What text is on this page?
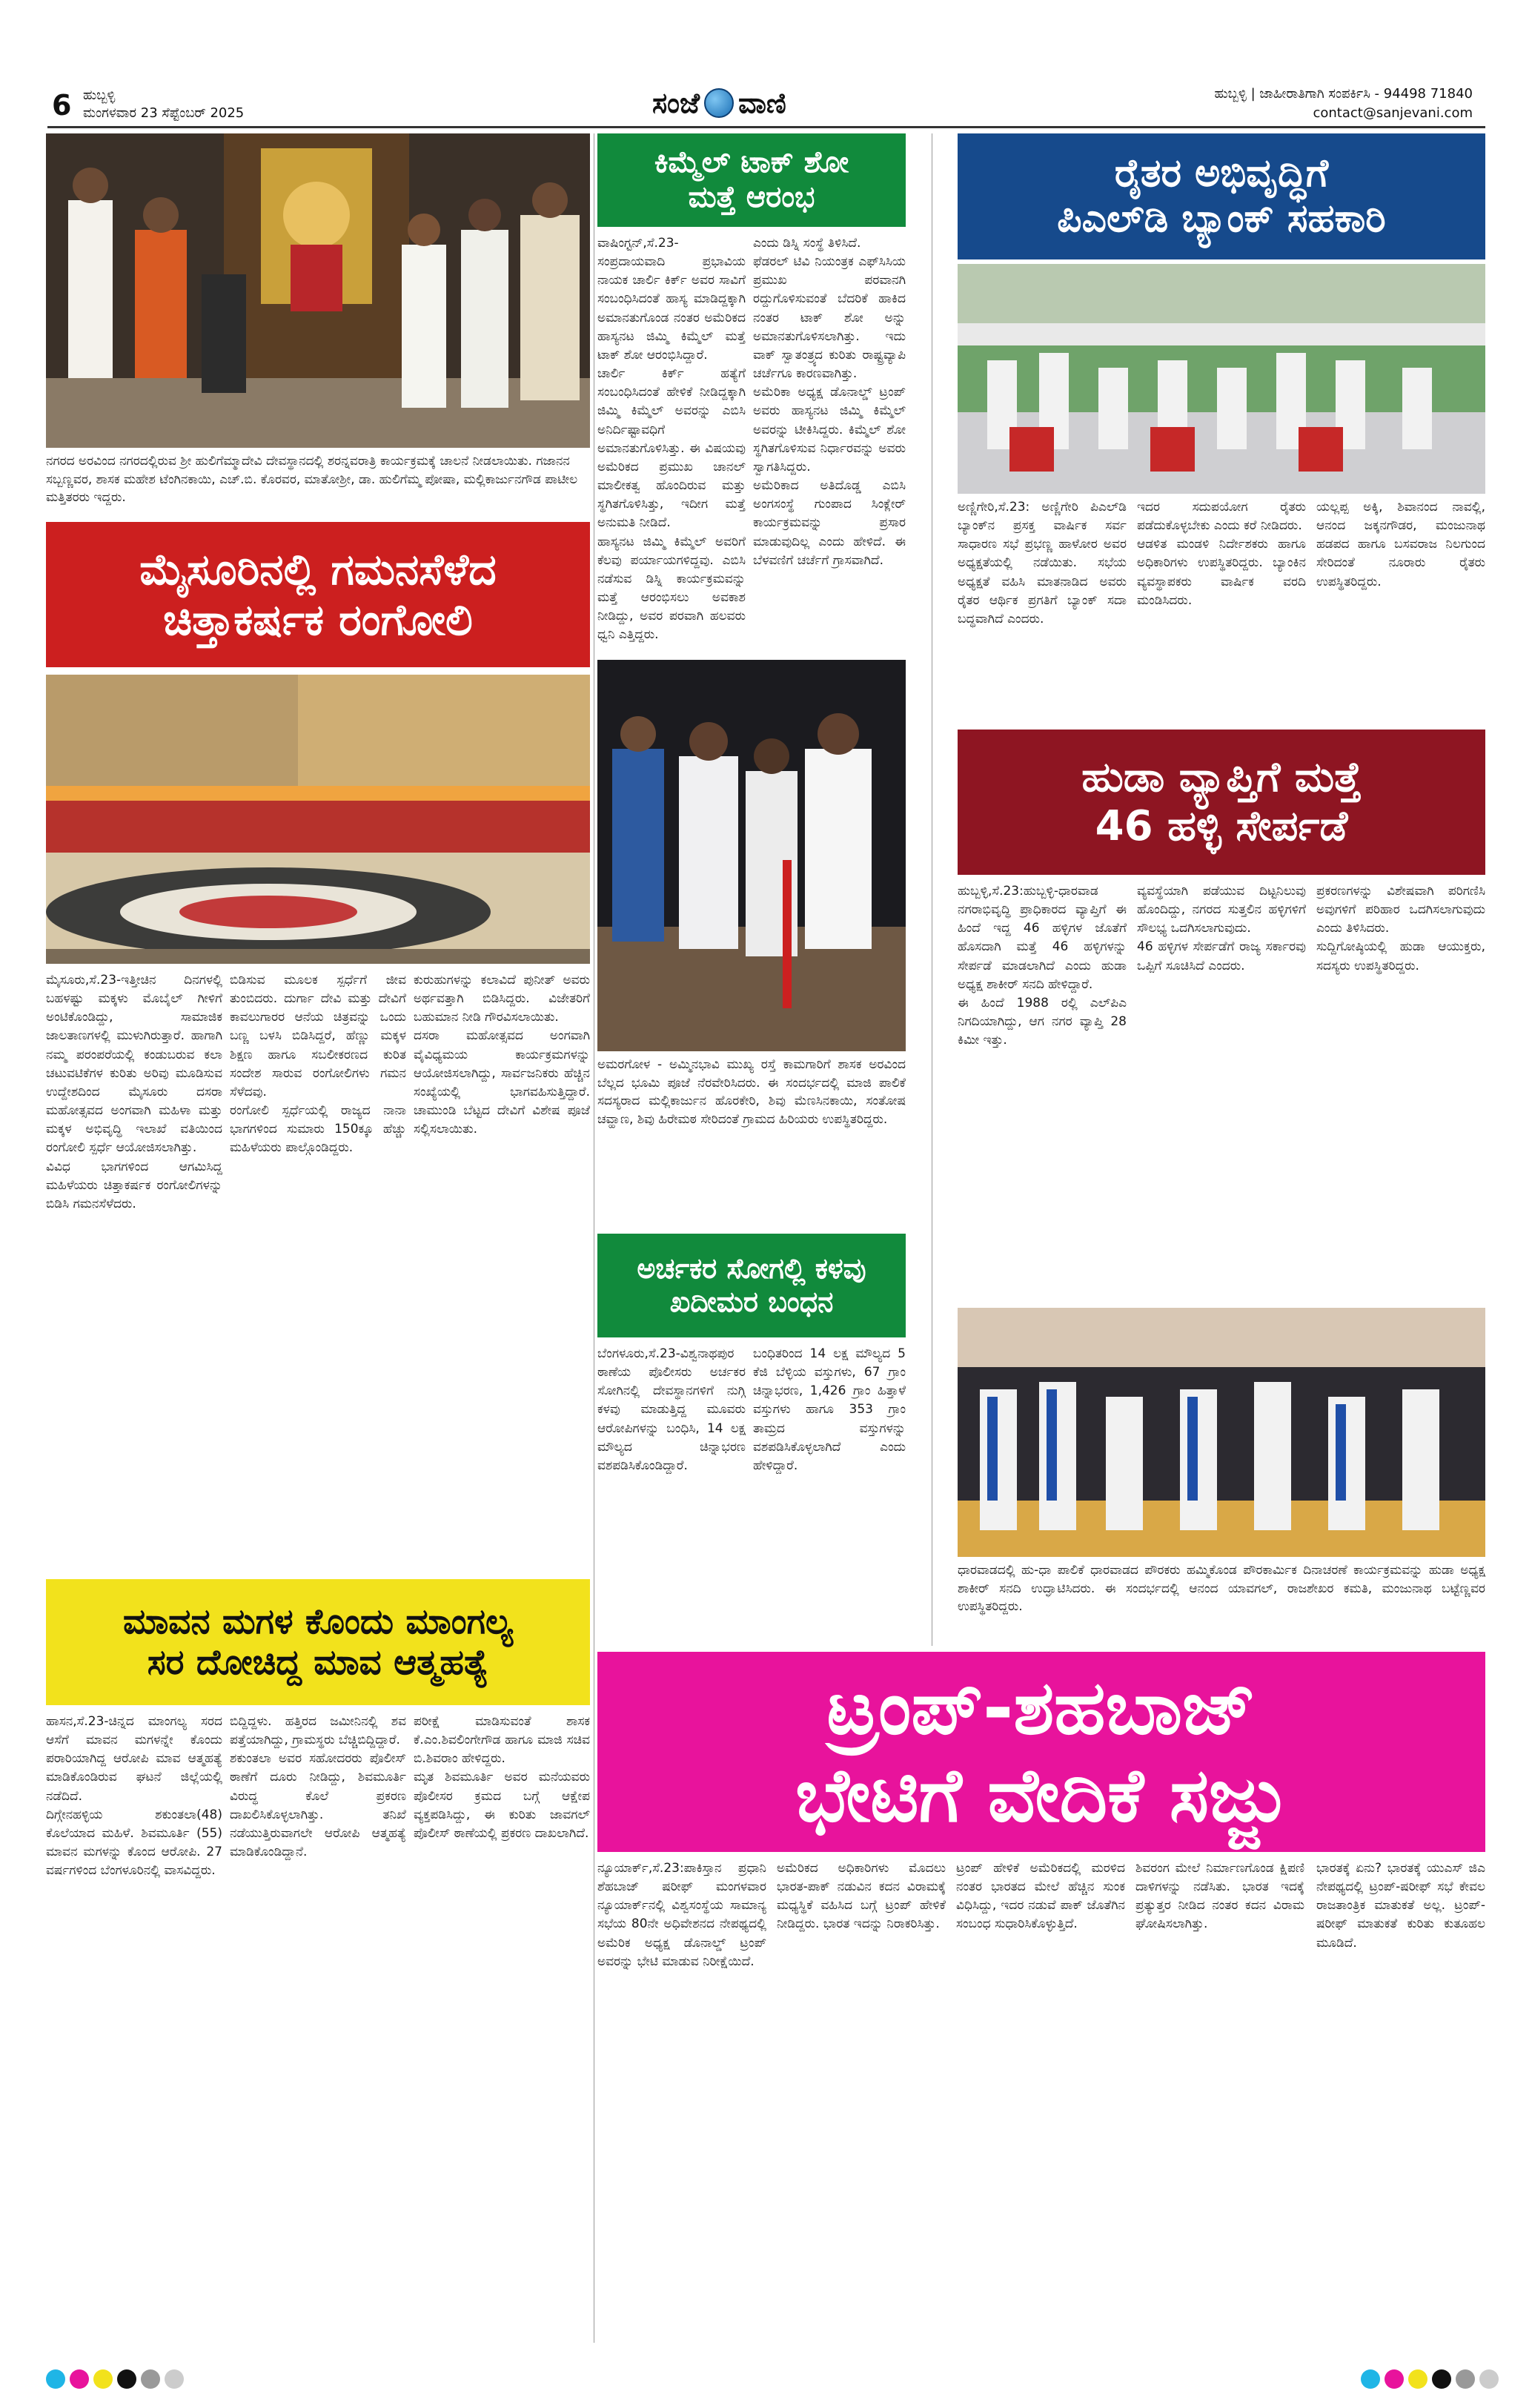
6 ಹುಬ್ಬಳ್ಳಿ
ಮಂಗಳವಾರ 23 ಸೆಪ್ಟೆಂಬರ್ 2025	ಸಂಜೆ ವಾಣಿ	ಹುಬ್ಬಳ್ಳಿ | ಜಾಹೀರಾತಿಗಾಗಿ ಸಂಪರ್ಕಿಸಿ - 94498 71840
contact@sanjevani.com
ನಗರದ ಅರವಿಂದ ನಗರದಲ್ಲಿರುವ ಶ್ರೀ ಹುಲಿಗೆಮ್ಮಾದೇವಿ ದೇವಸ್ಥಾನದಲ್ಲಿ ಶರನ್ನವರಾತ್ರಿ ಕಾರ್ಯಕ್ರಮಕ್ಕೆ ಚಾಲನೆ ನೀಡಲಾಯಿತು. ಗಜಾನನ ಸಬ್ಬಣ್ಣವರ, ಶಾಸಕ ಮಹೇಶ ಟೆಂಗಿನಕಾಯಿ, ಎಚ್.ಬಿ. ಕೊರವರ, ಮಾತೋಶ್ರೀ, ಡಾ. ಹುಲಿಗೆಮ್ಮ ಪೋಷಾ, ಮಲ್ಲಿಕಾರ್ಜುನಗೌಡ ಪಾಟೀಲ ಮತ್ತಿತರರು ಇದ್ದರು.
ಮೈಸೂರಿನಲ್ಲಿ ಗಮನಸೆಳೆದ
ಚಿತ್ತಾಕರ್ಷಕ ರಂಗೋಲಿ
ಮೈಸೂರು,ಸೆ.23-ಇತ್ತೀಚಿನ ದಿನಗಳಲ್ಲಿ ಬಹಳಷ್ಟು ಮಕ್ಕಳು ಮೊಬೈಲ್ ಗೀಳಿಗೆ ಅಂಟಿಕೊಂಡಿದ್ದು, ಸಾಮಾಜಿಕ ಜಾಲತಾಣಗಳಲ್ಲಿ ಮುಳುಗಿರುತ್ತಾರೆ. ಹಾಗಾಗಿ ನಮ್ಮ ಪರಂಪರೆಯಲ್ಲಿ ಕಂಡುಬರುವ ಕಲಾ ಚಟುವಟಿಕೆಗಳ ಕುರಿತು ಅರಿವು ಮೂಡಿಸುವ ಉದ್ದೇಶದಿಂದ ಮೈಸೂರು ದಸರಾ ಮಹೋತ್ಸವದ ಅಂಗವಾಗಿ ಮಹಿಳಾ ಮತ್ತು ಮಕ್ಕಳ ಅಭಿವೃದ್ಧಿ ಇಲಾಖೆ ವತಿಯಿಂದ ರಂಗೋಲಿ ಸ್ಪರ್ಧೆ ಆಯೋಜಿಸಲಾಗಿತ್ತು.
ವಿವಿಧ ಭಾಗಗಳಿಂದ ಆಗಮಿಸಿದ್ದ ಮಹಿಳೆಯರು ಚಿತ್ತಾಕರ್ಷಕ ರಂಗೋಲಿಗಳನ್ನು ಬಿಡಿಸಿ ಗಮನಸೆಳೆದರು.
ಬಿಡಿಸುವ ಮೂಲಕ ಸ್ಪರ್ಧೆಗೆ ಜೀವ ತುಂಬಿದರು. ದುರ್ಗಾ ದೇವಿ ಮತ್ತು ದೇವಿಗೆ ಕಾವಲುಗಾರರ ಆನೆಯ ಚಿತ್ರವನ್ನು ಒಂದು ಬಣ್ಣ ಬಳಸಿ ಬಿಡಿಸಿದ್ದರೆ, ಹೆಣ್ಣು ಮಕ್ಕಳ ಶಿಕ್ಷಣ ಹಾಗೂ ಸಬಲೀಕರಣದ ಕುರಿತ ಸಂದೇಶ ಸಾರುವ ರಂಗೋಲಿಗಳು ಗಮನ ಸೆಳೆದವು.
ರಂಗೋಲಿ ಸ್ಪರ್ಧೆಯಲ್ಲಿ ರಾಜ್ಯದ ನಾನಾ ಭಾಗಗಳಿಂದ ಸುಮಾರು 150ಕ್ಕೂ ಹೆಚ್ಚು ಮಹಿಳೆಯರು ಪಾಲ್ಗೊಂಡಿದ್ದರು.
ಕುರುಹುಗಳನ್ನು ಕಲಾವಿದೆ ಪುನೀತ್ ಅವರು ಅರ್ಥವತ್ತಾಗಿ ಬಿಡಿಸಿದ್ದರು. ವಿಜೇತರಿಗೆ ಬಹುಮಾನ ನೀಡಿ ಗೌರವಿಸಲಾಯಿತು.
ದಸರಾ ಮಹೋತ್ಸವದ ಅಂಗವಾಗಿ ವೈವಿಧ್ಯಮಯ ಕಾರ್ಯಕ್ರಮಗಳನ್ನು ಆಯೋಜಿಸಲಾಗಿದ್ದು, ಸಾರ್ವಜನಿಕರು ಹೆಚ್ಚಿನ ಸಂಖ್ಯೆಯಲ್ಲಿ ಭಾಗವಹಿಸುತ್ತಿದ್ದಾರೆ. ಚಾಮುಂಡಿ ಬೆಟ್ಟದ ದೇವಿಗೆ ವಿಶೇಷ ಪೂಜೆ ಸಲ್ಲಿಸಲಾಯಿತು.
ಮಾವನ ಮಗಳ ಕೊಂದು ಮಾಂಗಲ್ಯ
ಸರ ದೋಚಿದ್ದ ಮಾವ ಆತ್ಮಹತ್ಯೆ
ಹಾಸನ,ಸೆ.23-ಚಿನ್ನದ ಮಾಂಗಲ್ಯ ಸರದ ಆಸೆಗೆ ಮಾವನ ಮಗಳನ್ನೇ ಕೊಂದು ಪರಾರಿಯಾಗಿದ್ದ ಆರೋಪಿ ಮಾವ ಆತ್ಮಹತ್ಯೆ ಮಾಡಿಕೊಂಡಿರುವ ಘಟನೆ ಜಿಲ್ಲೆಯಲ್ಲಿ ನಡೆದಿದೆ.
ದಿಗ್ಗೇನಹಳ್ಳಿಯ ಶಕುಂತಲಾ(48) ಕೊಲೆಯಾದ ಮಹಿಳೆ. ಶಿವಮೂರ್ತಿ (55) ಮಾವನ ಮಗಳನ್ನು ಕೊಂದ ಆರೋಪಿ. 27 ವರ್ಷಗಳಿಂದ ಬೆಂಗಳೂರಿನಲ್ಲಿ ವಾಸವಿದ್ದರು.
ಬಿದ್ದಿದ್ದಳು. ಹತ್ತಿರದ ಜಮೀನಿನಲ್ಲಿ ಶವ ಪತ್ತೆಯಾಗಿದ್ದು, ಗ್ರಾಮಸ್ಥರು ಬೆಚ್ಚಿಬಿದ್ದಿದ್ದಾರೆ.
ಶಕುಂತಲಾ ಅವರ ಸಹೋದರರು ಪೊಲೀಸ್ ಠಾಣೆಗೆ ದೂರು ನೀಡಿದ್ದು, ಶಿವಮೂರ್ತಿ ವಿರುದ್ಧ ಕೊಲೆ ಪ್ರಕರಣ ದಾಖಲಿಸಿಕೊಳ್ಳಲಾಗಿತ್ತು. ತನಿಖೆ ನಡೆಯುತ್ತಿರುವಾಗಲೇ ಆರೋಪಿ ಆತ್ಮಹತ್ಯೆ ಮಾಡಿಕೊಂಡಿದ್ದಾನೆ.
ಪರೀಕ್ಷೆ ಮಾಡಿಸುವಂತೆ ಶಾಸಕ ಕೆ.ಎಂ.ಶಿವಲಿಂಗೇಗೌಡ ಹಾಗೂ ಮಾಜಿ ಸಚಿವ ಬಿ.ಶಿವರಾಂ ಹೇಳಿದ್ದರು.
ಮೃತ ಶಿವಮೂರ್ತಿ ಅವರ ಮನೆಯವರು ಪೊಲೀಸರ ಕ್ರಮದ ಬಗ್ಗೆ ಆಕ್ಷೇಪ ವ್ಯಕ್ತಪಡಿಸಿದ್ದು, ಈ ಕುರಿತು ಜಾವಗಲ್ ಪೊಲೀಸ್ ಠಾಣೆಯಲ್ಲಿ ಪ್ರಕರಣ ದಾಖಲಾಗಿದೆ.
ಕಿಮ್ಮೆಲ್ ಟಾಕ್ ಶೋ
ಮತ್ತೆ ಆರಂಭ
ವಾಷಿಂಗ್ಟನ್,ಸೆ.23-ಸಂಪ್ರದಾಯವಾದಿ ಪ್ರಭಾವಿಯ ನಾಯಕ ಚಾರ್ಲಿ ಕಿರ್ಕ್ ಅವರ ಸಾವಿಗೆ ಸಂಬಂಧಿಸಿದಂತೆ ಹಾಸ್ಯ ಮಾಡಿದ್ದಕ್ಕಾಗಿ ಅಮಾನತುಗೊಂಡ ನಂತರ ಅಮೆರಿಕದ ಹಾಸ್ಯನಟ ಜಿಮ್ಮಿ ಕಿಮ್ಮೆಲ್ ಮತ್ತೆ ಟಾಕ್ ಶೋ ಆರಂಭಿಸಿದ್ದಾರೆ.
ಚಾರ್ಲಿ ಕಿರ್ಕ್ ಹತ್ಯೆಗೆ ಸಂಬಂಧಿಸಿದಂತೆ ಹೇಳಿಕೆ ನೀಡಿದ್ದಕ್ಕಾಗಿ ಜಿಮ್ಮಿ ಕಿಮ್ಮೆಲ್ ಅವರನ್ನು ಎಬಿಸಿ ಅನಿರ್ದಿಷ್ಟಾವಧಿಗೆ ಅಮಾನತುಗೊಳಿಸಿತ್ತು. ಈ ವಿಷಯವು ಅಮೆರಿಕದ ಪ್ರಮುಖ ಚಾನಲ್ ಮಾಲೀಕತ್ವ ಹೊಂದಿರುವ ಮತ್ತು ಸ್ಥಗಿತಗೊಳಿಸಿತ್ತು, ಇದೀಗ ಮತ್ತೆ ಅನುಮತಿ ನೀಡಿದೆ.
ಹಾಸ್ಯನಟ ಜಿಮ್ಮಿ ಕಿಮ್ಮೆಲ್ ಅವರಿಗೆ ಕೆಲವು ಪರ್ಯಾಯಗಳಿದ್ದವು. ಎಬಿಸಿ ನಡೆಸುವ ಡಿಸ್ನಿ ಕಾರ್ಯಕ್ರಮವನ್ನು ಮತ್ತೆ ಆರಂಭಿಸಲು ಅವಕಾಶ ನೀಡಿದ್ದು, ಅವರ ಪರವಾಗಿ ಹಲವರು ಧ್ವನಿ ಎತ್ತಿದ್ದರು.
ಎಂದು ಡಿಸ್ನಿ ಸಂಸ್ಥೆ ತಿಳಿಸಿದೆ.
ಫೆಡರಲ್ ಟಿವಿ ನಿಯಂತ್ರಕ ಎಫ್‌ಸಿಸಿಯ ಪ್ರಮುಖ ಪರವಾನಗಿ ರದ್ದುಗೊಳಿಸುವಂತೆ ಬೆದರಿಕೆ ಹಾಕಿದ ನಂತರ ಟಾಕ್ ಶೋ ಅನ್ನು ಅಮಾನತುಗೊಳಿಸಲಾಗಿತ್ತು. ಇದು ವಾಕ್ ಸ್ವಾತಂತ್ರ್ಯದ ಕುರಿತು ರಾಷ್ಟ್ರವ್ಯಾಪಿ ಚರ್ಚೆಗೂ ಕಾರಣವಾಗಿತ್ತು.
ಅಮೆರಿಕಾ ಅಧ್ಯಕ್ಷ ಡೊನಾಲ್ಡ್ ಟ್ರಂಪ್ ಅವರು ಹಾಸ್ಯನಟ ಜಿಮ್ಮಿ ಕಿಮ್ಮೆಲ್ ಅವರನ್ನು ಟೀಕಿಸಿದ್ದರು. ಕಿಮ್ಮೆಲ್ ಶೋ ಸ್ಥಗಿತಗೊಳಿಸುವ ನಿರ್ಧಾರವನ್ನು ಅವರು ಸ್ವಾಗತಿಸಿದ್ದರು.
ಅಮೆರಿಕಾದ ಅತಿದೊಡ್ಡ ಎಬಿಸಿ ಅಂಗಸಂಸ್ಥೆ ಗುಂಪಾದ ಸಿಂಕ್ಲೇರ್ ಕಾರ್ಯಕ್ರಮವನ್ನು ಪ್ರಸಾರ ಮಾಡುವುದಿಲ್ಲ ಎಂದು ಹೇಳಿದೆ. ಈ ಬೆಳವಣಿಗೆ ಚರ್ಚೆಗೆ ಗ್ರಾಸವಾಗಿದೆ.
ಅಮರಗೋಳ - ಅಮ್ಮಿನಭಾವಿ ಮುಖ್ಯ ರಸ್ತೆ ಕಾಮಗಾರಿಗೆ ಶಾಸಕ ಅರವಿಂದ ಬೆಲ್ಲದ ಭೂಮಿ ಪೂಜೆ ನೆರವೇರಿಸಿದರು. ಈ ಸಂದರ್ಭದಲ್ಲಿ ಮಾಜಿ ಪಾಲಿಕೆ ಸದಸ್ಯರಾದ ಮಲ್ಲಿಕಾರ್ಜುನ ಹೊರಕೇರಿ, ಶಿವು ಮೆಣಸಿನಕಾಯಿ, ಸಂತೋಷ ಚವ್ಹಾಣ, ಶಿವು ಹಿರೇಮಠ ಸೇರಿದಂತೆ ಗ್ರಾಮದ ಹಿರಿಯರು ಉಪಸ್ಥಿತರಿದ್ದರು.
ಅರ್ಚಕರ ಸೋಗಲ್ಲಿ ಕಳವು
ಖದೀಮರ ಬಂಧನ
ಬೆಂಗಳೂರು,ಸೆ.23-ವಿಶ್ವನಾಥಪುರ ಠಾಣೆಯ ಪೊಲೀಸರು ಅರ್ಚಕರ ಸೋಗಿನಲ್ಲಿ ದೇವಸ್ಥಾನಗಳಿಗೆ ನುಗ್ಗಿ ಕಳವು ಮಾಡುತ್ತಿದ್ದ ಮೂವರು ಆರೋಪಿಗಳನ್ನು ಬಂಧಿಸಿ, 14 ಲಕ್ಷ ಮೌಲ್ಯದ ಚಿನ್ನಾಭರಣ ವಶಪಡಿಸಿಕೊಂಡಿದ್ದಾರೆ.
ಬಂಧಿತರಿಂದ 14 ಲಕ್ಷ ಮೌಲ್ಯದ 5 ಕೆಜಿ ಬೆಳ್ಳಿಯ ವಸ್ತುಗಳು, 67 ಗ್ರಾಂ ಚಿನ್ನಾಭರಣ, 1,426 ಗ್ರಾಂ ಹಿತ್ತಾಳೆ ವಸ್ತುಗಳು ಹಾಗೂ 353 ಗ್ರಾಂ ತಾಮ್ರದ ವಸ್ತುಗಳನ್ನು ವಶಪಡಿಸಿಕೊಳ್ಳಲಾಗಿದೆ ಎಂದು ಹೇಳಿದ್ದಾರೆ.
ರೈತರ ಅಭಿವೃದ್ಧಿಗೆ
ಪಿಎಲ್‌ಡಿ ಬ್ಯಾಂಕ್ ಸಹಕಾರಿ
ಅಣ್ಣಿಗೇರಿ,ಸೆ.23: ಅಣ್ಣಿಗೇರಿ ಪಿಎಲ್‌ಡಿ ಬ್ಯಾಂಕ್‌ನ ಪ್ರಸಕ್ತ ವಾರ್ಷಿಕ ಸರ್ವ ಸಾಧಾರಣ ಸಭೆ ಪ್ರಭಣ್ಣ ಹಾಳೋರ ಅವರ ಅಧ್ಯಕ್ಷತೆಯಲ್ಲಿ ನಡೆಯಿತು. ಸಭೆಯ ಅಧ್ಯಕ್ಷತೆ ವಹಿಸಿ ಮಾತನಾಡಿದ ಅವರು ರೈತರ ಆರ್ಥಿಕ ಪ್ರಗತಿಗೆ ಬ್ಯಾಂಕ್ ಸದಾ ಬದ್ಧವಾಗಿದೆ ಎಂದರು.
ಇದರ ಸದುಪಯೋಗ ರೈತರು ಪಡೆದುಕೊಳ್ಳಬೇಕು ಎಂದು ಕರೆ ನೀಡಿದರು.
ಆಡಳಿತ ಮಂಡಳಿ ನಿರ್ದೇಶಕರು ಹಾಗೂ ಅಧಿಕಾರಿಗಳು ಉಪಸ್ಥಿತರಿದ್ದರು. ಬ್ಯಾಂಕಿನ ವ್ಯವಸ್ಥಾಪಕರು ವಾರ್ಷಿಕ ವರದಿ ಮಂಡಿಸಿದರು.
ಯಲ್ಲಪ್ಪ ಅಕ್ಕಿ, ಶಿವಾನಂದ ನಾವಲ್ಲಿ, ಆನಂದ ಜಕ್ಕನಗೌಡರ, ಮಂಜುನಾಥ ಹಡಪದ ಹಾಗೂ ಬಸವರಾಜ ನಿಲಗುಂದ ಸೇರಿದಂತೆ ನೂರಾರು ರೈತರು ಉಪಸ್ಥಿತರಿದ್ದರು.
ಹುಡಾ ವ್ಯಾಪ್ತಿಗೆ ಮತ್ತೆ
46 ಹಳ್ಳಿ ಸೇರ್ಪಡೆ
ಹುಬ್ಬಳ್ಳಿ,ಸೆ.23:ಹುಬ್ಬಳ್ಳಿ-ಧಾರವಾಡ ನಗರಾಭಿವೃದ್ಧಿ ಪ್ರಾಧಿಕಾರದ ವ್ಯಾಪ್ತಿಗೆ ಈ ಹಿಂದೆ ಇದ್ದ 46 ಹಳ್ಳಿಗಳ ಜೊತೆಗೆ ಹೊಸದಾಗಿ ಮತ್ತೆ 46 ಹಳ್ಳಿಗಳನ್ನು ಸೇರ್ಪಡೆ ಮಾಡಲಾಗಿದೆ ಎಂದು ಹುಡಾ ಅಧ್ಯಕ್ಷ ಶಾಕೀರ್ ಸನದಿ ಹೇಳಿದ್ದಾರೆ.
ಈ ಹಿಂದೆ 1988 ರಲ್ಲಿ ಎಲ್‌ಪಿಎ ನಿಗದಿಯಾಗಿದ್ದು, ಆಗ ನಗರ ವ್ಯಾಪ್ತಿ 28 ಕಿಮೀ ಇತ್ತು.
ವ್ಯವಸ್ಥೆಯಾಗಿ ಪಡೆಯುವ ದಿಟ್ಟನಿಲುವು ಹೊಂದಿದ್ದು, ನಗರದ ಸುತ್ತಲಿನ ಹಳ್ಳಿಗಳಿಗೆ ಸೌಲಭ್ಯ ಒದಗಿಸಲಾಗುವುದು.
46 ಹಳ್ಳಿಗಳ ಸೇರ್ಪಡೆಗೆ ರಾಜ್ಯ ಸರ್ಕಾರವು ಒಪ್ಪಿಗೆ ಸೂಚಿಸಿದೆ ಎಂದರು.
ಪ್ರಕರಣಗಳನ್ನು ವಿಶೇಷವಾಗಿ ಪರಿಗಣಿಸಿ ಅವುಗಳಿಗೆ ಪರಿಹಾರ ಒದಗಿಸಲಾಗುವುದು ಎಂದು ತಿಳಿಸಿದರು.
ಸುದ್ದಿಗೋಷ್ಠಿಯಲ್ಲಿ ಹುಡಾ ಆಯುಕ್ತರು, ಸದಸ್ಯರು ಉಪಸ್ಥಿತರಿದ್ದರು.
ಧಾರವಾಡದಲ್ಲಿ ಹು-ಧಾ ಪಾಲಿಕೆ ಧಾರವಾಡದ ಪೌರಕರು ಹಮ್ಮಿಕೊಂಡ ಪೌರಕಾರ್ಮಿಕ ದಿನಾಚರಣೆ ಕಾರ್ಯಕ್ರಮವನ್ನು ಹುಡಾ ಅಧ್ಯಕ್ಷ ಶಾಕೀರ್ ಸನದಿ ಉದ್ಘಾಟಿಸಿದರು. ಈ ಸಂದರ್ಭದಲ್ಲಿ ಆನಂದ ಯಾವಗಲ್, ರಾಜಶೇಖರ ಕಮತಿ, ಮಂಜುನಾಥ ಬಟ್ಟೆಣ್ಣವರ ಉಪಸ್ಥಿತರಿದ್ದರು.
ಟ್ರಂಪ್-ಶಹಬಾಜ್
ಭೇಟಿಗೆ ವೇದಿಕೆ ಸಜ್ಜು
ನ್ಯೂಯಾರ್ಕ್,ಸೆ.23:ಪಾಕಿಸ್ತಾನ ಪ್ರಧಾನಿ ಶೆಹಬಾಜ್ ಷರೀಫ್ ಮಂಗಳವಾರ ನ್ಯೂಯಾರ್ಕ್‌ನಲ್ಲಿ ವಿಶ್ವಸಂಸ್ಥೆಯ ಸಾಮಾನ್ಯ ಸಭೆಯ 80ನೇ ಅಧಿವೇಶನದ ನೇಪಥ್ಯದಲ್ಲಿ ಅಮೆರಿಕ ಅಧ್ಯಕ್ಷ ಡೊನಾಲ್ಡ್ ಟ್ರಂಪ್ ಅವರನ್ನು ಭೇಟಿ ಮಾಡುವ ನಿರೀಕ್ಷೆಯಿದೆ.
ಅಮೆರಿಕದ ಅಧಿಕಾರಿಗಳು ಮೊದಲು ಭಾರತ-ಪಾಕ್ ನಡುವಿನ ಕದನ ವಿರಾಮಕ್ಕೆ ಮಧ್ಯಸ್ಥಿಕೆ ವಹಿಸಿದ ಬಗ್ಗೆ ಟ್ರಂಪ್ ಹೇಳಿಕೆ ನೀಡಿದ್ದರು. ಭಾರತ ಇದನ್ನು ನಿರಾಕರಿಸಿತ್ತು.
ಟ್ರಂಪ್ ಹೇಳಿಕೆ ಅಮೆರಿಕದಲ್ಲಿ ಮರಳಿದ ನಂತರ ಭಾರತದ ಮೇಲೆ ಹೆಚ್ಚಿನ ಸುಂಕ ವಿಧಿಸಿದ್ದು, ಇದರ ನಡುವೆ ಪಾಕ್ ಜೊತೆಗಿನ ಸಂಬಂಧ ಸುಧಾರಿಸಿಕೊಳ್ಳುತ್ತಿದೆ.
ಶಿವರಂಗ ಮೇಲೆ ನಿರ್ಮಾಣಗೊಂಡ ಕ್ಷಿಪಣಿ ದಾಳಿಗಳನ್ನು ನಡೆಸಿತು. ಭಾರತ ಇದಕ್ಕೆ ಪ್ರತ್ಯುತ್ತರ ನೀಡಿದ ನಂತರ ಕದನ ವಿರಾಮ ಘೋಷಿಸಲಾಗಿತ್ತು.
ಭಾರತಕ್ಕೆ ಏನು? ಭಾರತಕ್ಕೆ ಯುಎಸ್ ಜಿಎ ನೇಪಥ್ಯದಲ್ಲಿ ಟ್ರಂಪ್-ಷರೀಫ್ ಸಭೆ ಕೇವಲ ರಾಜತಾಂತ್ರಿಕ ಮಾತುಕತೆ ಅಲ್ಲ. ಟ್ರಂಪ್-ಷರೀಫ್ ಮಾತುಕತೆ ಕುರಿತು ಕುತೂಹಲ ಮೂಡಿದೆ.
